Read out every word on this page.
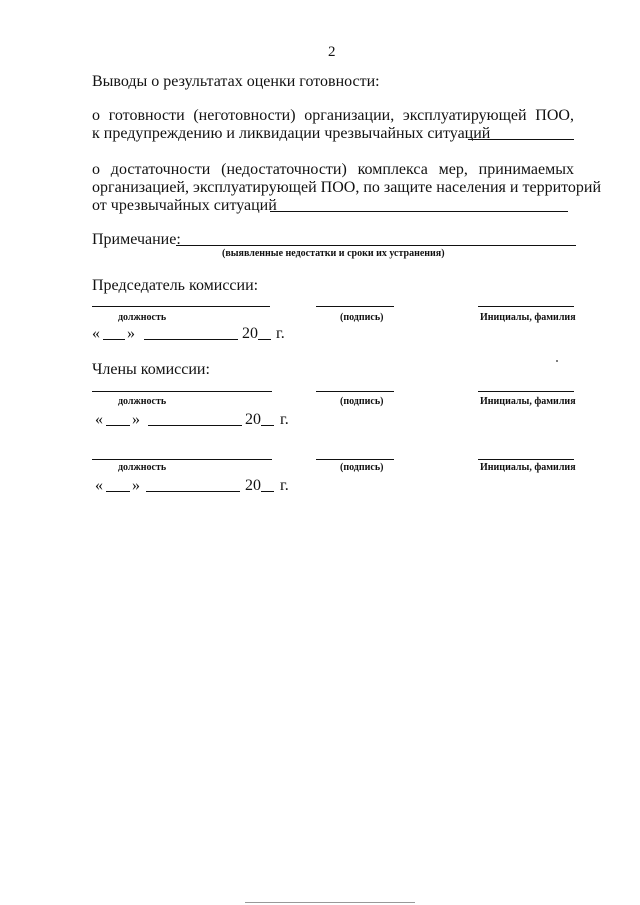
2
Выводы о результатах оценки готовности:
о готовности (неготовности) организации, эксплуатирующей ПОО,
к предупреждению и ликвидации чрезвычайных ситуаций
о достаточности (недостаточности) комплекса мер, принимаемых
организацией, эксплуатирующей ПОО, по защите населения и территорий
от чрезвычайных ситуаций
Примечание:
(выявленные недостатки и сроки их устранения)
Председатель комиссии:
должность	(подпись)	Инициалы, фамилия
« »	20 г.
Члены комиссии:
должность	(подпись)	Инициалы, фамилия
« »	20 г.
должность	(подпись)	Инициалы, фамилия
« »	20 г.
